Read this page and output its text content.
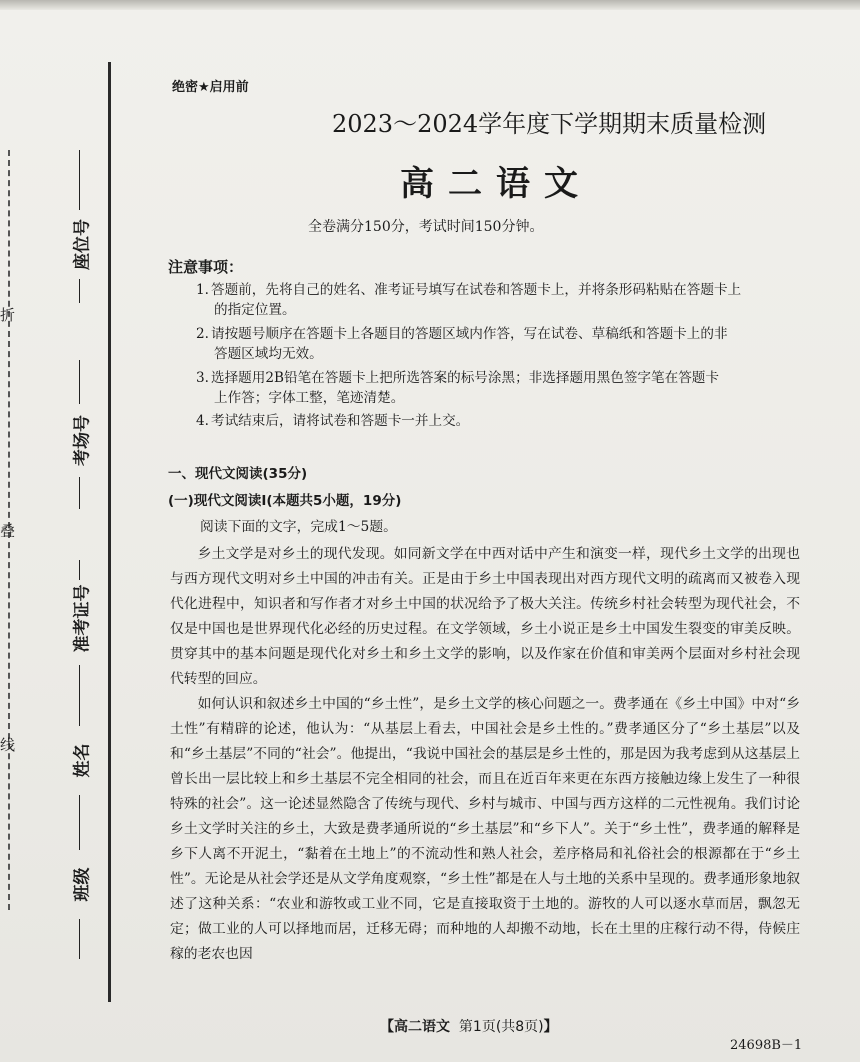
折
叠
线
座位号
考场号
准考证号
姓名
班级
绝密★启用前
2023～2024学年度下学期期末质量检测
高二语文
全卷满分150分，考试时间150分钟。
注意事项：
1. 答题前，先将自己的姓名、准考证号填写在试卷和答题卡上，并将条形码粘贴在答题卡上
的指定位置。
2. 请按题号顺序在答题卡上各题目的答题区域内作答，写在试卷、草稿纸和答题卡上的非
答题区域均无效。
3. 选择题用2B铅笔在答题卡上把所选答案的标号涂黑；非选择题用黑色签字笔在答题卡
上作答；字体工整，笔迹清楚。
4. 考试结束后，请将试卷和答题卡一并上交。
一、现代文阅读(35分)
(一)现代文阅读Ⅰ(本题共5小题，19分)
阅读下面的文字，完成1～5题。

乡土文学是对乡土的现代发现。如同新文学在中西对话中产生和演变一样，现代乡土文学的出现也与西方现代文明对乡土中国的冲击有关。正是由于乡土中国表现出对西方现代文明的疏离而又被卷入现代化进程中，知识者和写作者才对乡土中国的状况给予了极大关注。传统乡村社会转型为现代社会，不仅是中国也是世界现代化必经的历史过程。在文学领域，乡土小说正是乡土中国发生裂变的审美反映。贯穿其中的基本问题是现代化对乡土和乡土文学的影响，以及作家在价值和审美两个层面对乡村社会现代转型的回应。

如何认识和叙述乡土中国的“乡土性”，是乡土文学的核心问题之一。费孝通在《乡土中国》中对“乡土性”有精辟的论述，他认为：“从基层上看去，中国社会是乡土性的。”费孝通区分了“乡土基层”以及和“乡土基层”不同的“社会”。他提出，“我说中国社会的基层是乡土性的，那是因为我考虑到从这基层上曾长出一层比较上和乡土基层不完全相同的社会，而且在近百年来更在东西方接触边缘上发生了一种很特殊的社会”。这一论述显然隐含了传统与现代、乡村与城市、中国与西方这样的二元性视角。我们讨论乡土文学时关注的乡土，大致是费孝通所说的“乡土基层”和“乡下人”。关于“乡土性”，费孝通的解释是乡下人离不开泥土，“黏着在土地上”的不流动性和熟人社会，差序格局和礼俗社会的根源都在于“乡土性”。无论是从社会学还是从文学角度观察，“乡土性”都是在人与土地的关系中呈现的。费孝通形象地叙述了这种关系：“农业和游牧或工业不同，它是直接取资于土地的。游牧的人可以逐水草而居，飘忽无定；做工业的人可以择地而居，迁移无碍；而种地的人却搬不动地，长在土里的庄稼行动不得，侍候庄稼的老农也因

【高二语文 第1页(共8页)】
24698B－1
